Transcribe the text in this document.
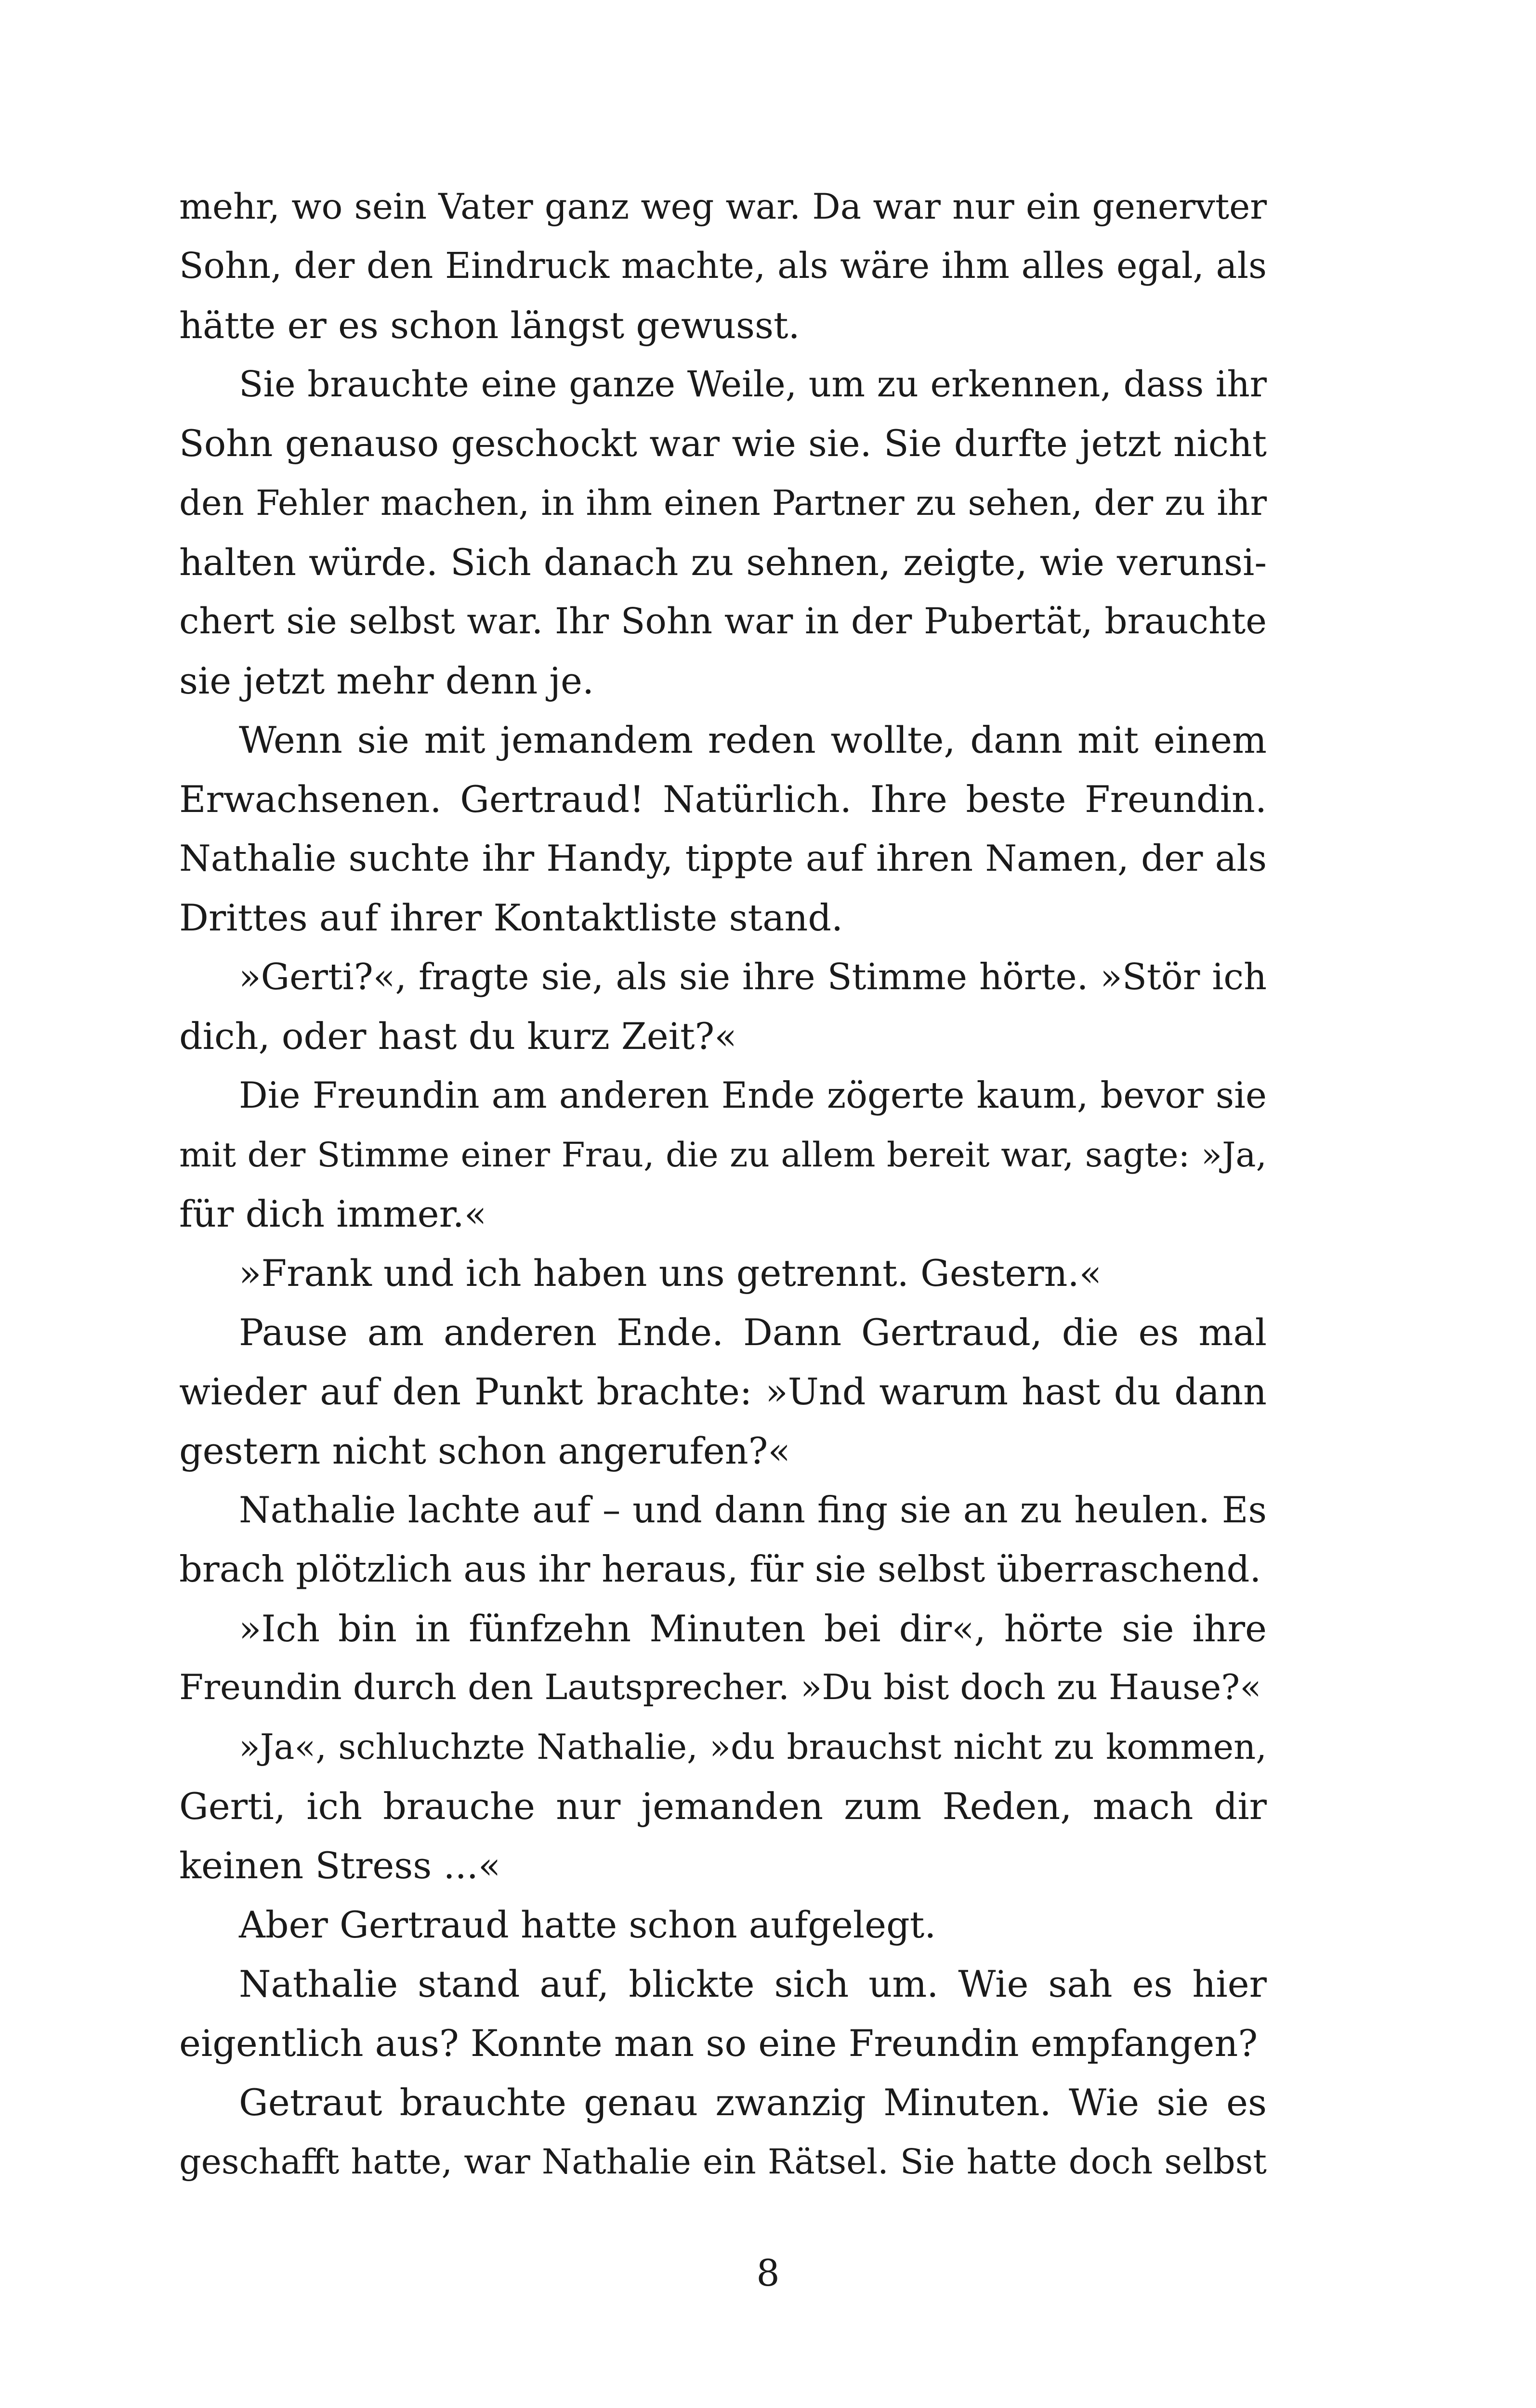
mehr, wo sein Vater ganz weg war. Da war nur ein genervter
Sohn, der den Eindruck machte, als wäre ihm alles egal, als
hätte er es schon längst gewusst.
Sie brauchte eine ganze Weile, um zu erkennen, dass ihr
Sohn genauso geschockt war wie sie. Sie durfte jetzt nicht
den Fehler machen, in ihm einen Partner zu sehen, der zu ihr
halten würde. Sich danach zu sehnen, zeigte, wie verunsi-
chert sie selbst war. Ihr Sohn war in der Pubertät, brauchte
sie jetzt mehr denn je.
Wenn sie mit jemandem reden wollte, dann mit einem
Erwachsenen. Gertraud! Natürlich. Ihre beste Freundin.
Nathalie suchte ihr Handy, tippte auf ihren Namen, der als
Drittes auf ihrer Kontaktliste stand.
»Gerti?«, fragte sie, als sie ihre Stimme hörte. »Stör ich
dich, oder hast du kurz Zeit?«
Die Freundin am anderen Ende zögerte kaum, bevor sie
mit der Stimme einer Frau, die zu allem bereit war, sagte: »Ja,
für dich immer.«
»Frank und ich haben uns getrennt. Gestern.«
Pause am anderen Ende. Dann Gertraud, die es mal
wieder auf den Punkt brachte: »Und warum hast du dann
gestern nicht schon angerufen?«
Nathalie lachte auf – und dann fing sie an zu heulen. Es
brach plötzlich aus ihr heraus, für sie selbst überraschend.
»Ich bin in fünfzehn Minuten bei dir«, hörte sie ihre
Freundin durch den Lautsprecher. »Du bist doch zu Hause?«
»Ja«, schluchzte Nathalie, »du brauchst nicht zu kommen,
Gerti, ich brauche nur jemanden zum Reden, mach dir
keinen Stress ...«
Aber Gertraud hatte schon aufgelegt.
Nathalie stand auf, blickte sich um. Wie sah es hier
eigentlich aus? Konnte man so eine Freundin empfangen?
Getraut brauchte genau zwanzig Minuten. Wie sie es
geschafft hatte, war Nathalie ein Rätsel. Sie hatte doch selbst
8
